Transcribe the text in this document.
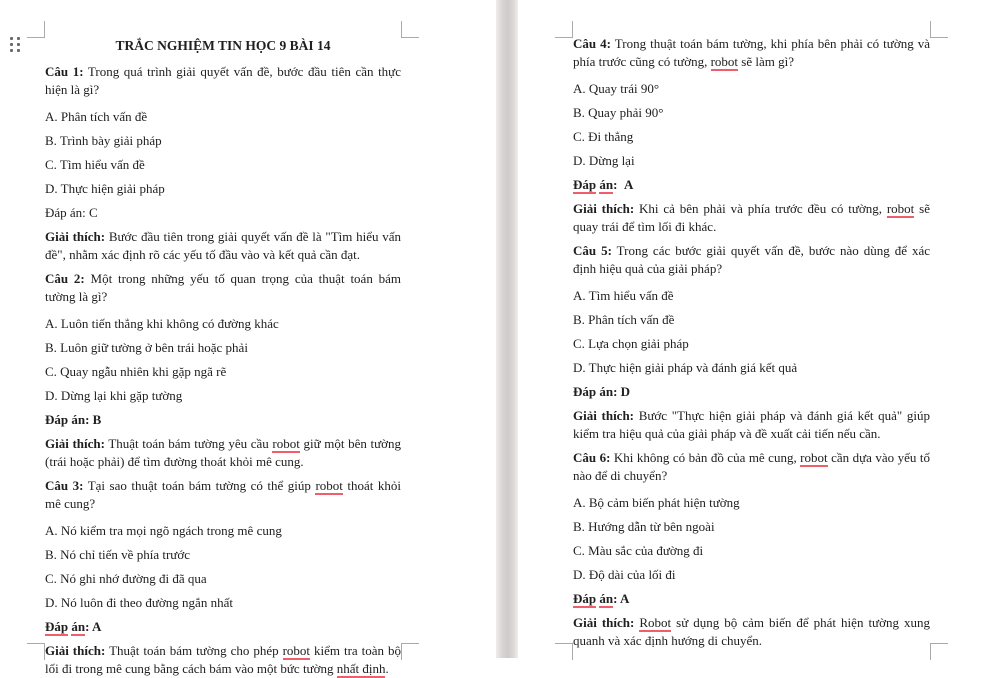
TRẮC NGHIỆM TIN HỌC 9 BÀI 14

Câu 1: Trong quá trình giải quyết vấn đề, bước đầu tiên cần thực hiện là gì?

A. Phân tích vấn đề

B. Trình bày giải pháp

C. Tìm hiểu vấn đề

D. Thực hiện giải pháp

Đáp án: C

Giải thích: Bước đầu tiên trong giải quyết vấn đề là "Tìm hiểu vấn đề", nhằm xác định rõ các yếu tố đầu vào và kết quả cần đạt.

Câu 2: Một trong những yếu tố quan trọng của thuật toán bám tường là gì?

A. Luôn tiến thẳng khi không có đường khác

B. Luôn giữ tường ở bên trái hoặc phải

C. Quay ngẫu nhiên khi gặp ngã rẽ

D. Dừng lại khi gặp tường

Đáp án: B

Giải thích: Thuật toán bám tường yêu cầu robot giữ một bên tường (trái hoặc phải) để tìm đường thoát khỏi mê cung.

Câu 3: Tại sao thuật toán bám tường có thể giúp robot thoát khỏi mê cung?

A. Nó kiểm tra mọi ngõ ngách trong mê cung

B. Nó chỉ tiến về phía trước

C. Nó ghi nhớ đường đi đã qua

D. Nó luôn đi theo đường ngắn nhất

Đáp án: A

Giải thích: Thuật toán bám tường cho phép robot kiểm tra toàn bộ lối đi trong mê cung bằng cách bám vào một bức tường nhất định.

Câu 4: Trong thuật toán bám tường, khi phía bên phải có tường và phía trước cũng có tường, robot sẽ làm gì?

A. Quay trái 90°

B. Quay phải 90°

C. Đi thẳng

D. Dừng lại

Đáp án:  A

Giải thích: Khi cả bên phải và phía trước đều có tường, robot sẽ quay trái để tìm lối đi khác.

Câu 5: Trong các bước giải quyết vấn đề, bước nào dùng để xác định hiệu quả của giải pháp?

A. Tìm hiểu vấn đề

B. Phân tích vấn đề

C. Lựa chọn giải pháp

D. Thực hiện giải pháp và đánh giá kết quả

Đáp án: D

Giải thích: Bước "Thực hiện giải pháp và đánh giá kết quả" giúp kiểm tra hiệu quả của giải pháp và đề xuất cải tiến nếu cần.

Câu 6: Khi không có bản đồ của mê cung, robot cần dựa vào yếu tố nào để di chuyển?

A. Bộ cảm biến phát hiện tường

B. Hướng dẫn từ bên ngoài

C. Màu sắc của đường đi

D. Độ dài của lối đi

Đáp án: A

Giải thích: Robot sử dụng bộ cảm biến để phát hiện tường xung quanh và xác định hướng di chuyển.
